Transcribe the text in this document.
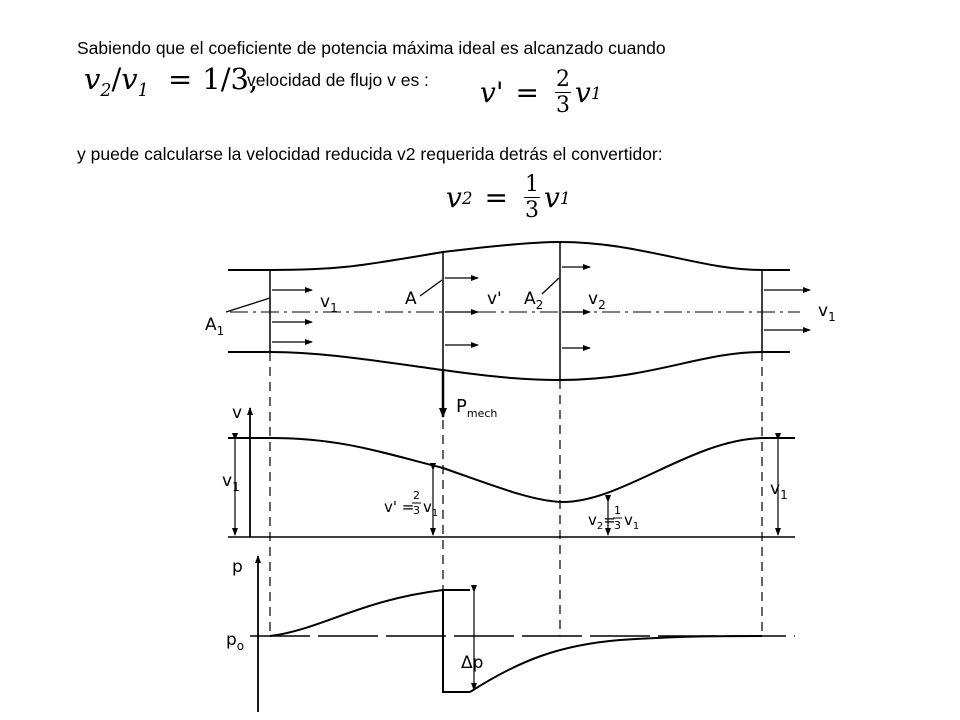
Sabiendo que el coeficiente de potencia máxima ideal es alcanzado cuando
velocidad de flujo v es :
y puede calcularse la velocidad reducida v2 requerida detrás el convertidor:
$v_2/v_1 = 1/3$,	$v' = \frac{2}{3}$ v 1
v $2 = \frac{1}{3}$ v 1
$A_1$
$v_1$	A	v' $A_2$	$v_2$	$v_1$
$P_{mech}$
v
$v_1$
v' =
2
3 $v_1$	$v_2=$
1
3 $v_1$
$v_1$
p
$p_o$
Δp
